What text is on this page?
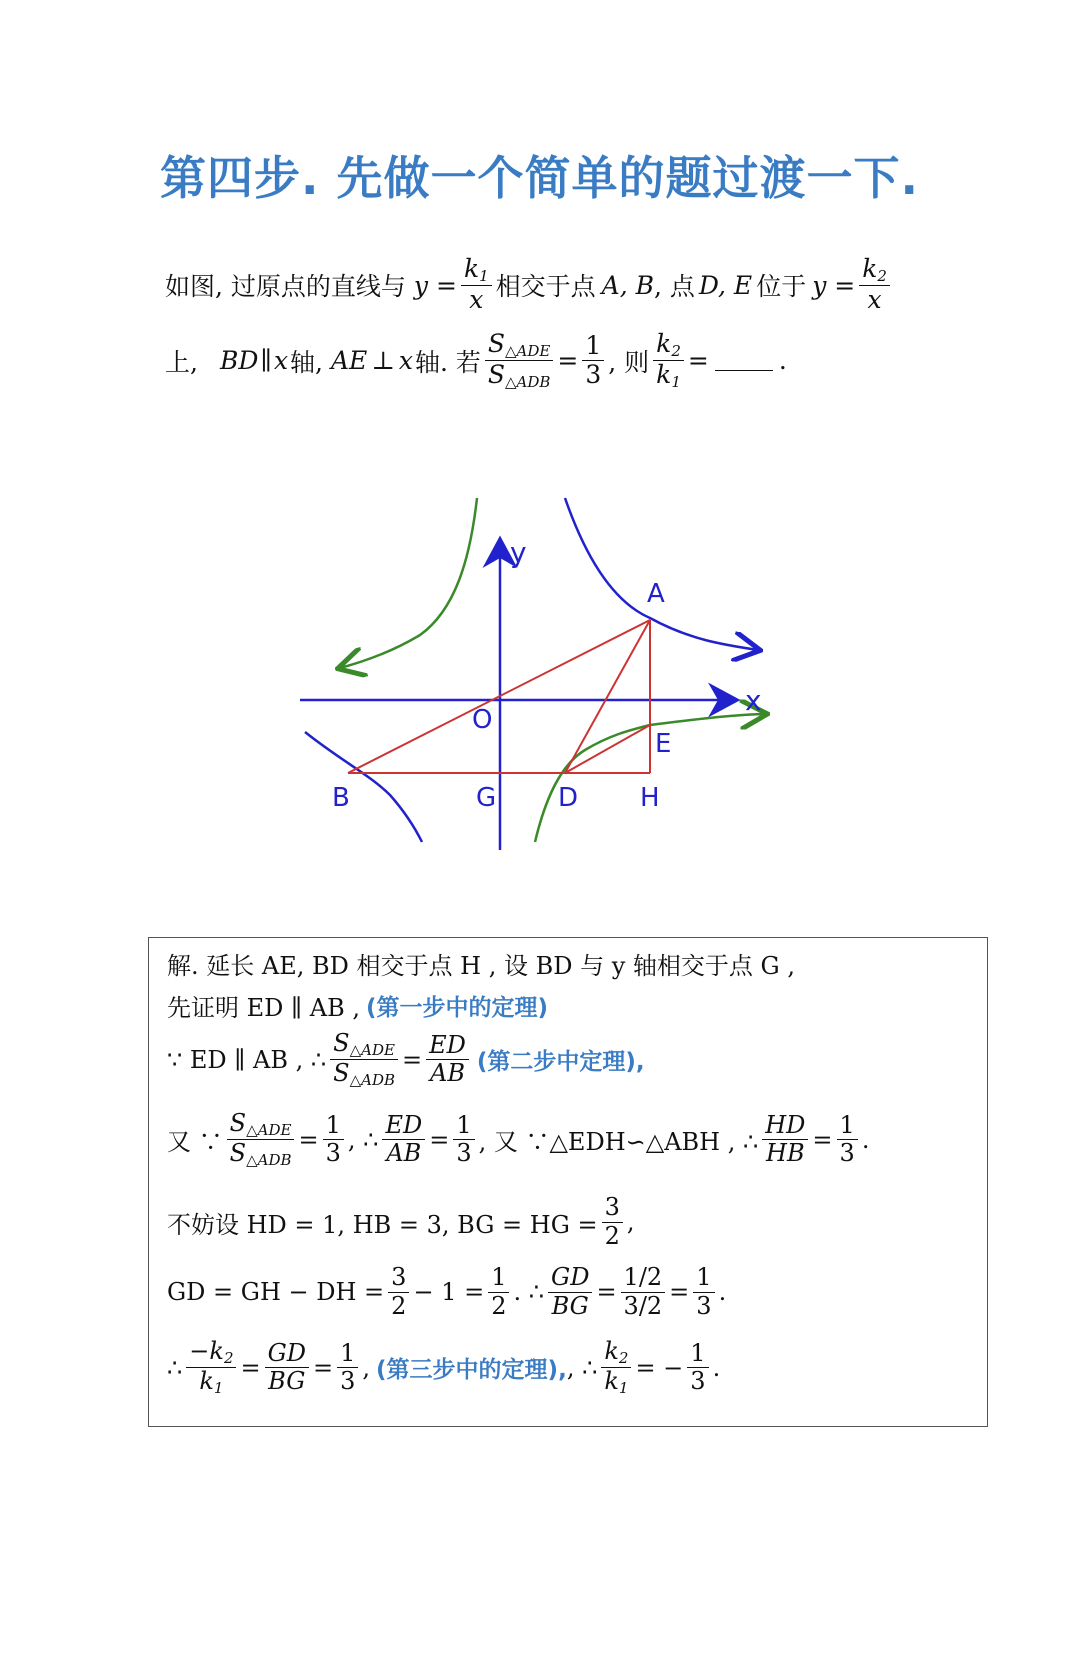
第四步. 先做一个简单的题过渡一下.
如图, 过原点的直线与 $y = \frac{k_1}{x}$ 相交于点 A, B , 点 D, E 位于 $y = \frac{k_2}{x}$
上, BD ∥ x 轴, AE ⊥ x 轴. 若 $\frac{S_{\triangle ADE}}{S_{\triangle ADB}} = \frac{1}{3}$ , 则 $\frac{k_2}{k_1}$ =	.
y
x
A
O
E
B	G D H
解. 延长 AE, BD 相交于点 H , 设 BD 与 y 轴相交于点 G ,
先证明 ED ∥ AB , (第一步中的定理)
∵ ED ∥ AB , ∴ $\frac{S_{\triangle ADE}}{S_{\triangle ADB}} = \frac{ED}{AB}$ (第二步中定理),
又 ∵ $\frac{S_{\triangle ADE}}{S_{\triangle ADB}} = \frac{1}{3}$ , ∴ $\frac{ED}{AB} = \frac{1}{3}$ , 又 ∵△EDH∽△ABH , ∴ $\frac{HD}{HB} = \frac{1}{3}$ .
不妨设 HD = 1, HB = 3, BG = HG = $\frac{3}{2}$ ,
GD = GH − DH = $\frac{3}{2} - 1 = \frac{1}{2}$ . ∴ $\frac{GD}{BG} = \frac{1/2}{3/2} = \frac{1}{3}$ .
∴ $\frac{-k_2}{k_1} = \frac{GD}{BG} = \frac{1}{3}$ , (第三步中的定理), , ∴ $\frac{k_2}{k_1}$ = − $\frac{1}{3}$ .
